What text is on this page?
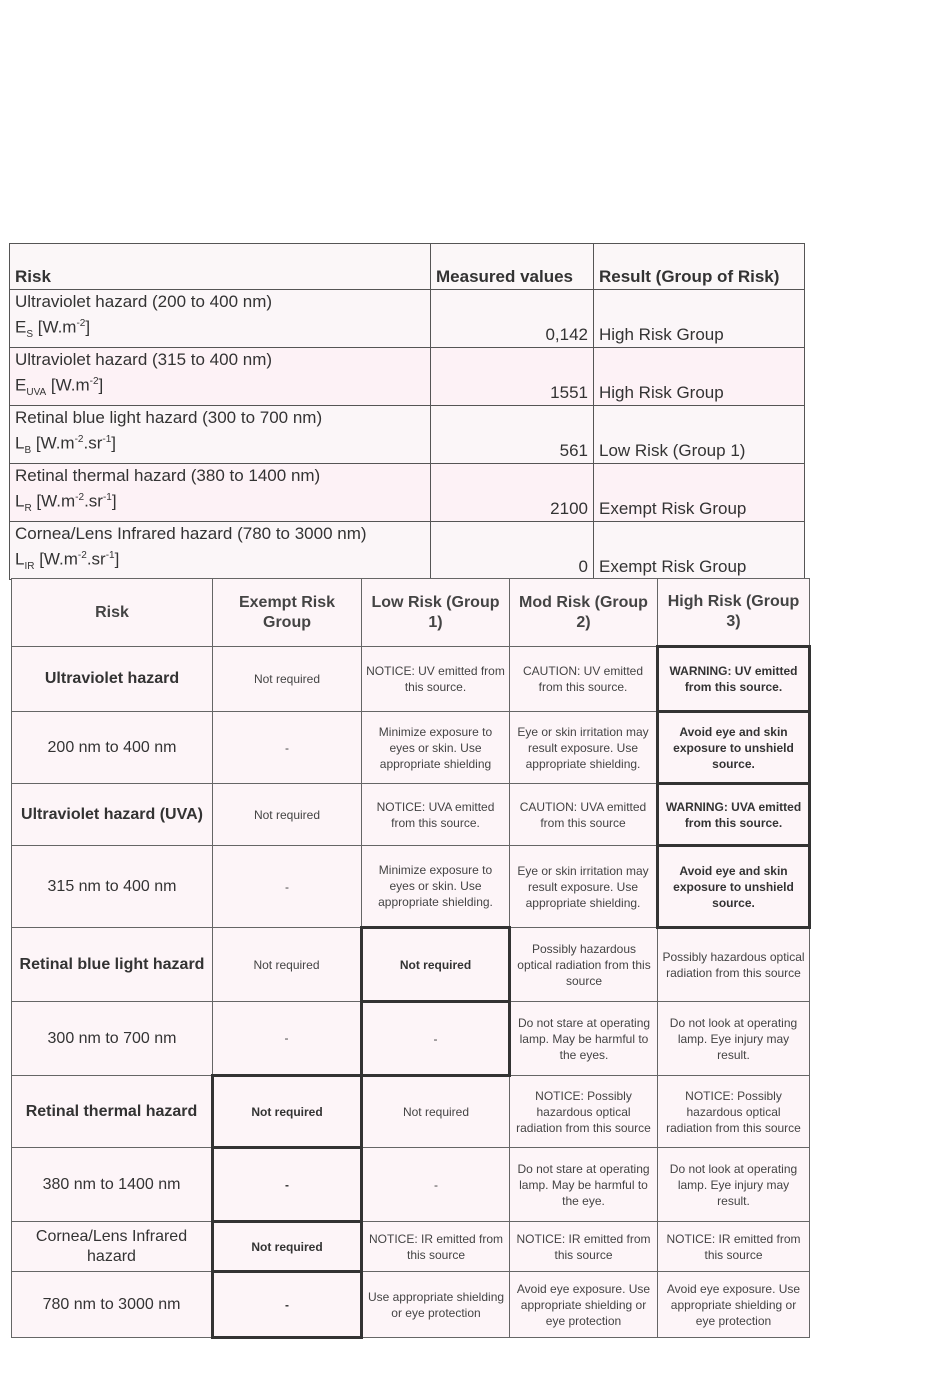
Risk	Measured values	Result (Group of Risk)

Ultraviolet hazard (200 to 400 nm)
$E_S$ $[W.m^{-2}]$	0,142	High Risk Group

Ultraviolet hazard (315 to 400 nm)
$E_{UVA}$ $[W.m^{-2}]$	1551	High Risk Group

Retinal blue light hazard (300 to 700 nm)
$L_B$ $[W.m^{-2}.sr^{-1}]$	561	Low Risk (Group 1)

Retinal thermal hazard (380 to 1400 nm)
$L_R$ $[W.m^{-2}.sr^{-1}]$	2100	Exempt Risk Group

Cornea/Lens Infrared hazard (780 to 3000 nm)
$L_{IR}$ $[W.m^{-2}.sr^{-1}]$	0	Exempt Risk Group
Risk	Exempt Risk Group	Low Risk (Group 1)	Mod Risk (Group 2)	High Risk (Group 3)
Ultraviolet hazard	Not required	NOTICE: UV emitted from this source.	CAUTION: UV emitted from this source.	WARNING: UV emitted from this source.
200 nm to 400 nm	-	Minimize exposure to eyes or skin. Use appropriate shielding	Eye or skin irritation may result exposure. Use appropriate shielding.	Avoid eye and skin exposure to unshield source.
Ultraviolet hazard (UVA)	Not required	NOTICE: UVA emitted from this source.	CAUTION: UVA emitted from this source	WARNING: UVA emitted from this source.
315 nm to 400 nm	-	Minimize exposure to eyes or skin. Use appropriate shielding.	Eye or skin irritation may result exposure. Use appropriate shielding.	Avoid eye and skin exposure to unshield source.
Retinal blue light hazard	Not required	Not required	Possibly hazardous optical radiation from this source	Possibly hazardous optical radiation from this source
300 nm to 700 nm	-	-	Do not stare at operating lamp. May be harmful to the eyes.	Do not look at operating lamp. Eye injury may result.
Retinal thermal hazard	Not required	Not required	NOTICE: Possibly hazardous optical radiation from this source	NOTICE: Possibly hazardous optical radiation from this source
380 nm to 1400 nm	-	-	Do not stare at operating lamp. May be harmful to the eye.	Do not look at operating lamp. Eye injury may result.
Cornea/Lens Infrared hazard	Not required	NOTICE: IR emitted from this source	NOTICE: IR emitted from this source	NOTICE: IR emitted from this source
780 nm to 3000 nm	-	Use appropriate shielding or eye protection	Avoid eye exposure. Use appropriate shielding or eye protection	Avoid eye exposure. Use appropriate shielding or eye protection
